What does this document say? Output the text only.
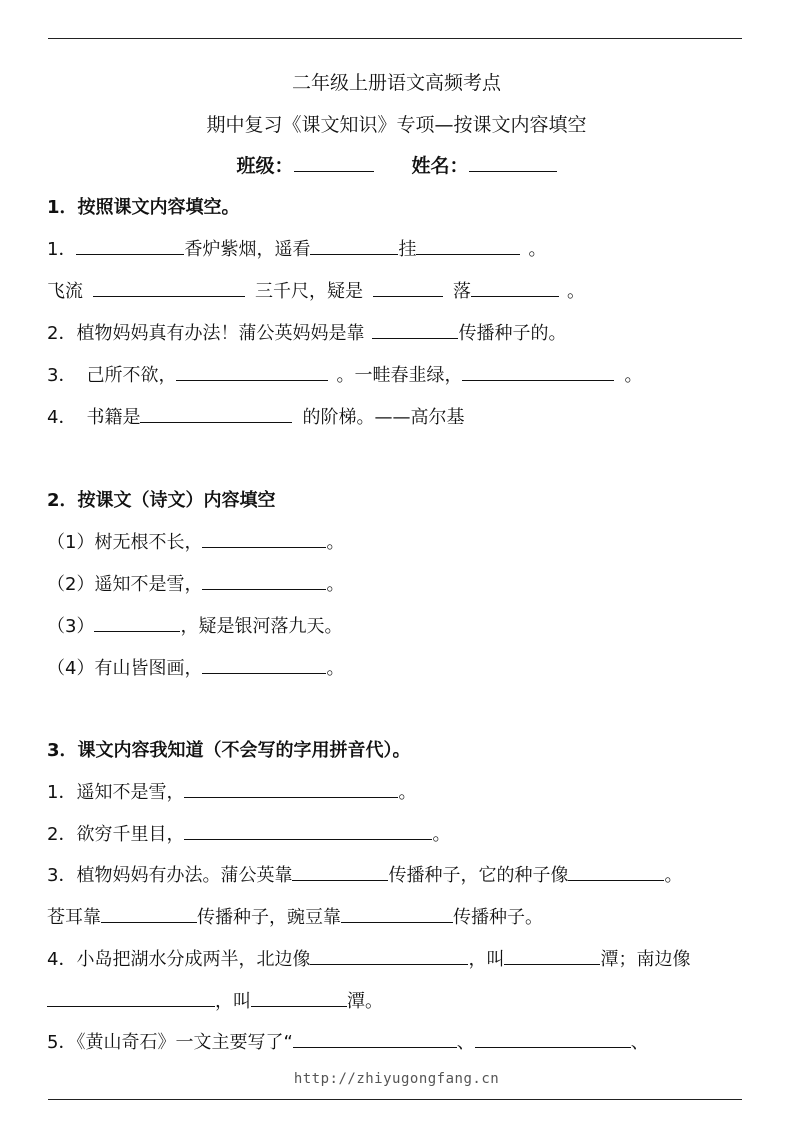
二年级上册语文高频考点
期中复习《课文知识》专项—按课文内容填空
班级：	姓名：
1．按照课文内容填空。
1．	香炉紫烟，遥看	挂	。
飞流	三千尺，疑是	落	。
2．植物妈妈真有办法！蒲公英妈妈是靠	传播种子的。
3． 己所不欲，	。一畦春韭绿，	。
4． 书籍是	的阶梯。——高尔基
2．按课文（诗文）内容填空
（1）树无根不长，	。
（2）遥知不是雪，	。
（3）	，疑是银河落九天。
（4）有山皆图画，	。
3．课文内容我知道（不会写的字用拼音代）。
1．遥知不是雪，	。
2．欲穷千里目，	。
3．植物妈妈有办法。蒲公英靠	传播种子，它的种子像	。
苍耳靠	传播种子，豌豆靠	传播种子。
4．小岛把湖水分成两半，北边像	，叫	潭；南边像
，叫	潭。
5．《黄山奇石》一文主要写了“	、	、
http://zhiyugongfang.cn
